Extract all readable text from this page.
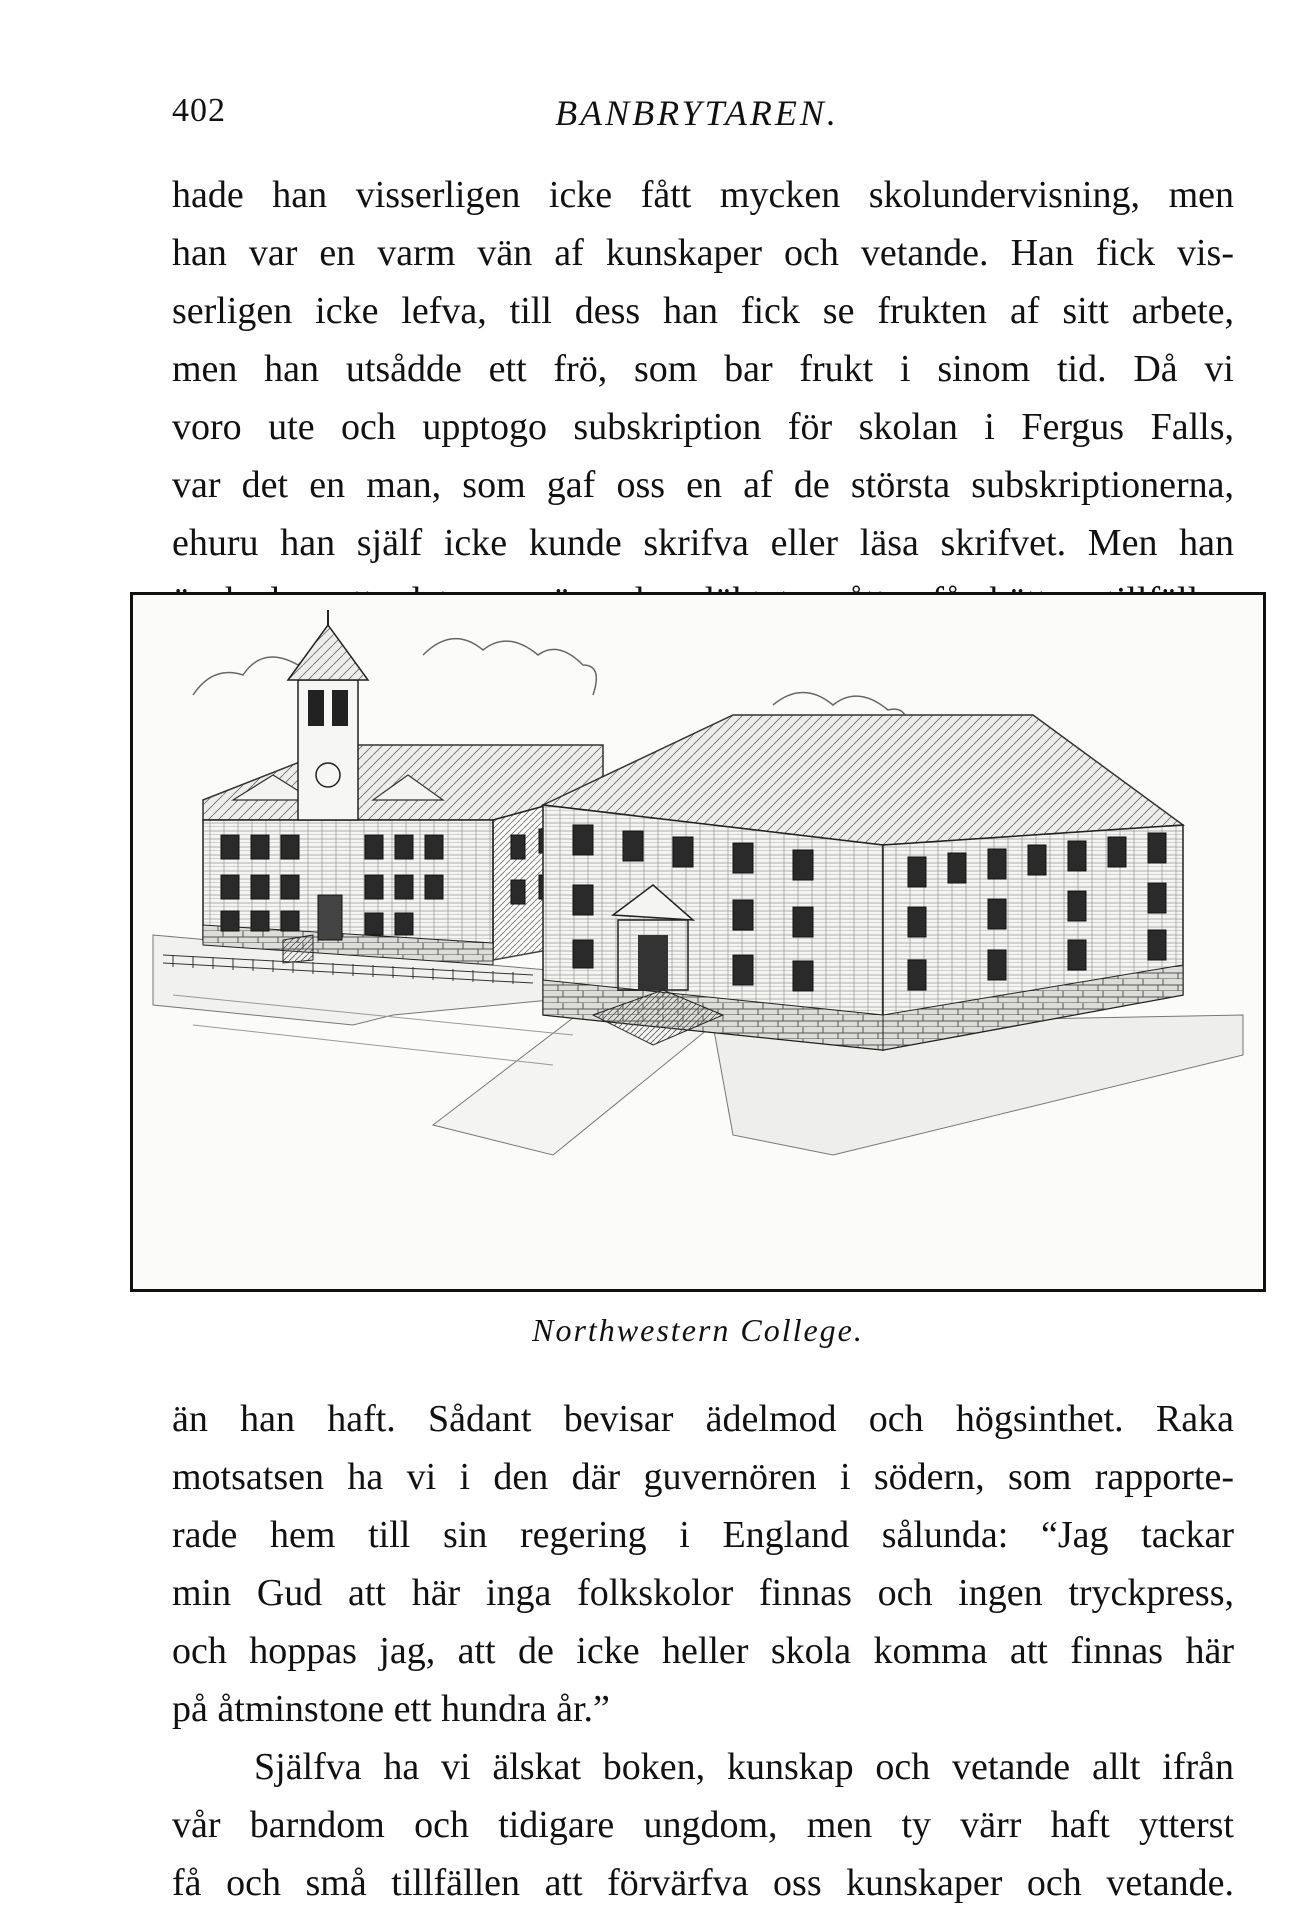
402	BANBRYTAREN.
hade han visserligen icke fått mycken skolundervisning, men
han var en varm vän af kunskaper och vetande. Han fick vis-
serligen icke lefva, till dess han fick se frukten af sitt arbete,
men han utsådde ett frö, som bar frukt i sinom tid. Då vi
voro ute och upptogo subskription för skolan i Fergus Falls,
var det en man, som gaf oss en af de största subskriptionerna,
ehuru han själf icke kunde skrifva eller läsa skrifvet. Men han
Northwestern College.
än han haft. Sådant bevisar ädelmod och högsinthet. Raka
motsatsen ha vi i den där guvernören i södern, som rapporte-
rade hem till sin regering i England sålunda: “Jag tackar
min Gud att här inga folkskolor finnas och ingen tryckpress,
och hoppas jag, att de icke heller skola komma att finnas här
på åtminstone ett hundra år.”
Själfva ha vi älskat boken, kunskap och vetande allt ifrån
vår barndom och tidigare ungdom, men ty värr haft ytterst
få och små tillfällen att förvärfva oss kunskaper och vetande.
